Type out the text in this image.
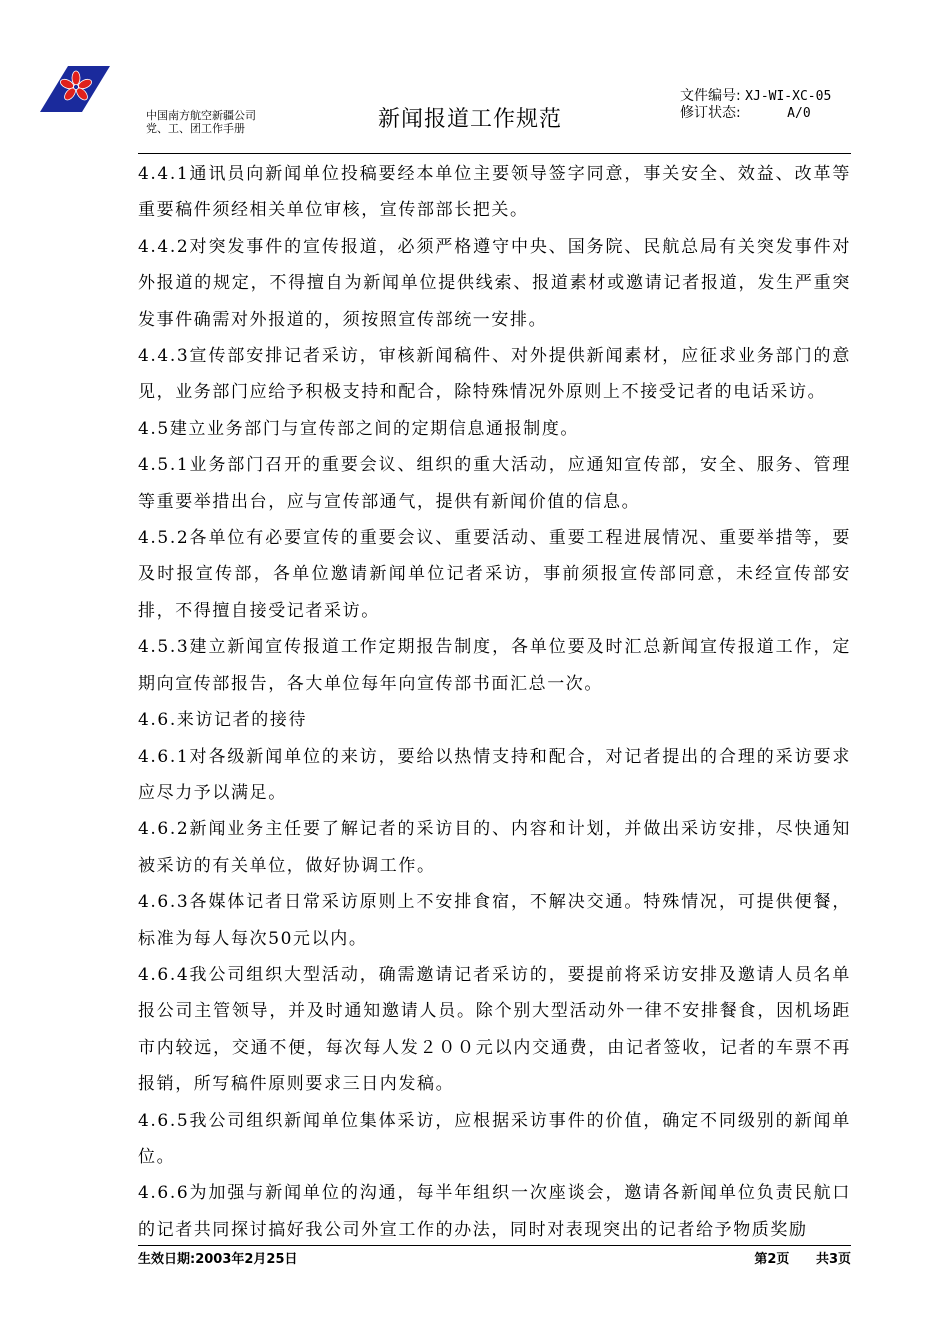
中国南方航空新疆公司
党、工、团工作手册	新闻报道工作规范
文件编号: XJ-WI-XC-05
修订状态:	A/0

4.4.1通讯员向新闻单位投稿要经本单位主要领导签字同意，事关安全、效益、改革等重要稿件须经相关单位审核，宣传部部长把关。

4.4.2对突发事件的宣传报道，必须严格遵守中央、国务院、民航总局有关突发事件对外报道的规定，不得擅自为新闻单位提供线索、报道素材或邀请记者报道，发生严重突发事件确需对外报道的，须按照宣传部统一安排。

4.4.3宣传部安排记者采访，审核新闻稿件、对外提供新闻素材，应征求业务部门的意见，业务部门应给予积极支持和配合，除特殊情况外原则上不接受记者的电话采访。

4.5建立业务部门与宣传部之间的定期信息通报制度。

4.5.1业务部门召开的重要会议、组织的重大活动，应通知宣传部，安全、服务、管理等重要举措出台，应与宣传部通气，提供有新闻价值的信息。

4.5.2各单位有必要宣传的重要会议、重要活动、重要工程进展情况、重要举措等，要及时报宣传部，各单位邀请新闻单位记者采访，事前须报宣传部同意，未经宣传部安排，不得擅自接受记者采访。

4.5.3建立新闻宣传报道工作定期报告制度，各单位要及时汇总新闻宣传报道工作，定期向宣传部报告，各大单位每年向宣传部书面汇总一次。

4.6.来访记者的接待

4.6.1对各级新闻单位的来访，要给以热情支持和配合，对记者提出的合理的采访要求应尽力予以满足。

4.6.2新闻业务主任要了解记者的采访目的、内容和计划，并做出采访安排，尽快通知被采访的有关单位，做好协调工作。

4.6.3各媒体记者日常采访原则上不安排食宿，不解决交通。特殊情况，可提供便餐，标准为每人每次50元以内。

4.6.4我公司组织大型活动，确需邀请记者采访的，要提前将采访安排及邀请人员名单报公司主管领导，并及时通知邀请人员。除个别大型活动外一律不安排餐食，因机场距市内较远，交通不便，每次每人发２００元以内交通费，由记者签收，记者的车票不再报销，所写稿件原则要求三日内发稿。

4.6.5我公司组织新闻单位集体采访，应根据采访事件的价值，确定不同级别的新闻单位。

4.6.6为加强与新闻单位的沟通，每半年组织一次座谈会，邀请各新闻单位负责民航口的记者共同探讨搞好我公司外宣工作的办法，同时对表现突出的记者给予物质奖励

生效日期:2003年2月25日	第2页 共3页
